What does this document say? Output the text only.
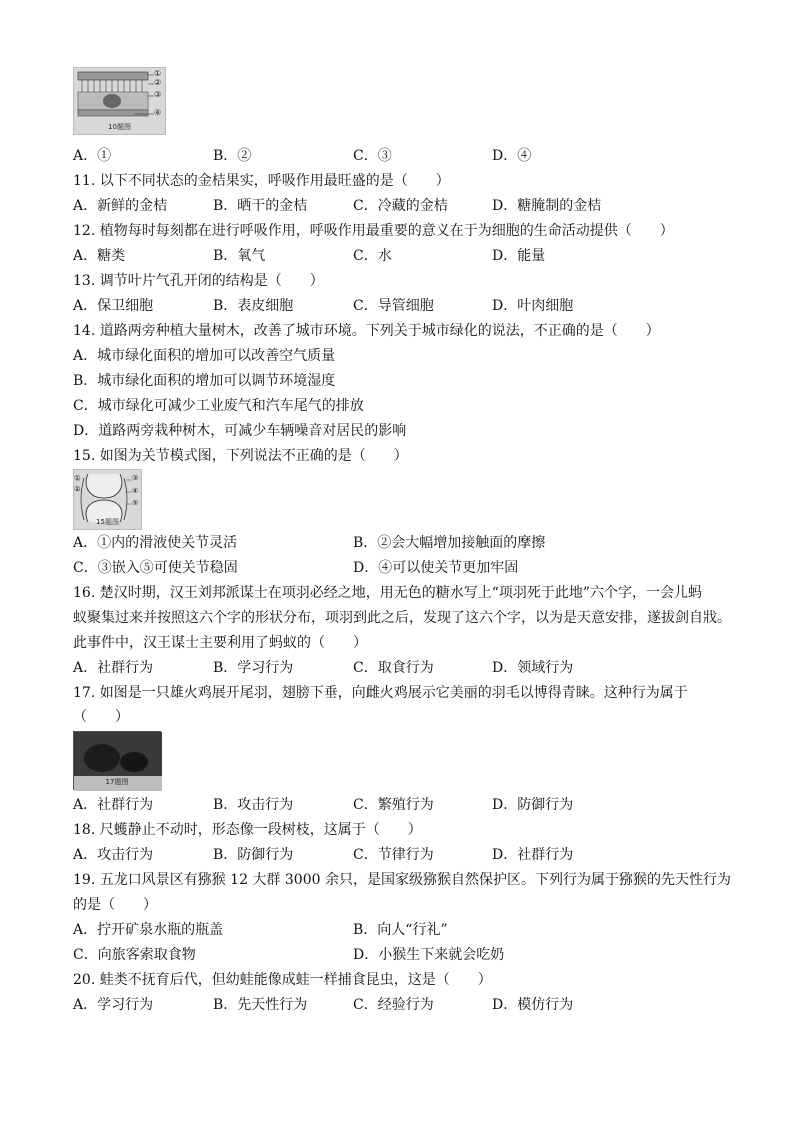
①
②
③
④
10题图
A．①	B．②	C．③	D．④
11. 以下不同状态的金桔果实，呼吸作用最旺盛的是（　　）
A．新鲜的金桔	B．晒干的金桔	C．冷藏的金桔	D．糖腌制的金桔
12. 植物每时每刻都在进行呼吸作用，呼吸作用最重要的意义在于为细胞的生命活动提供（　　）
A．糖类	B．氧气	C．水	D．能量
13. 调节叶片气孔开闭的结构是（　　）
A．保卫细胞	B．表皮细胞	C．导管细胞	D．叶肉细胞
14. 道路两旁种植大量树木，改善了城市环境。下列关于城市绿化的说法，不正确的是（　　）
A．城市绿化面积的增加可以改善空气质量
B．城市绿化面积的增加可以调节环境湿度
C．城市绿化可减少工业废气和汽车尾气的排放
D．道路两旁栽种树木，可减少车辆噪音对居民的影响
15. 如图为关节模式图，下列说法不正确的是（　　）
①
②
③
④
⑤
15题图
A．①内的滑液使关节灵活	B．②会大幅增加接触面的摩擦
C．③嵌入⑤可使关节稳固	D．④可以使关节更加牢固
16. 楚汉时期，汉王刘邦派谋士在项羽必经之地，用无色的糖水写上“项羽死于此地”六个字，一会儿蚂
蚁聚集过来并按照这六个字的形状分布，项羽到此之后，发现了这六个字，以为是天意安排，遂拔剑自戕。
此事件中，汉王谋士主要利用了蚂蚁的（　　）
A．社群行为	B．学习行为	C．取食行为	D．领域行为
17. 如图是一只雄火鸡展开尾羽，翅膀下垂，向雌火鸡展示它美丽的羽毛以博得青睐。这种行为属于
（　　）
17题图
A．社群行为	B．攻击行为	C．繁殖行为	D．防御行为
18. 尺蠖静止不动时，形态像一段树枝，这属于（　　）
A．攻击行为	B．防御行为	C．节律行为	D．社群行为
19. 五龙口风景区有猕猴 12 大群 3000 余只，是国家级猕猴自然保护区。下列行为属于猕猴的先天性行为
的是（　　）
A．拧开矿泉水瓶的瓶盖	B．向人“行礼”
C．向旅客索取食物	D．小猴生下来就会吃奶
20. 蛙类不抚育后代，但幼蛙能像成蛙一样捕食昆虫，这是（　　）
A．学习行为	B．先天性行为	C．经验行为	D．模仿行为
